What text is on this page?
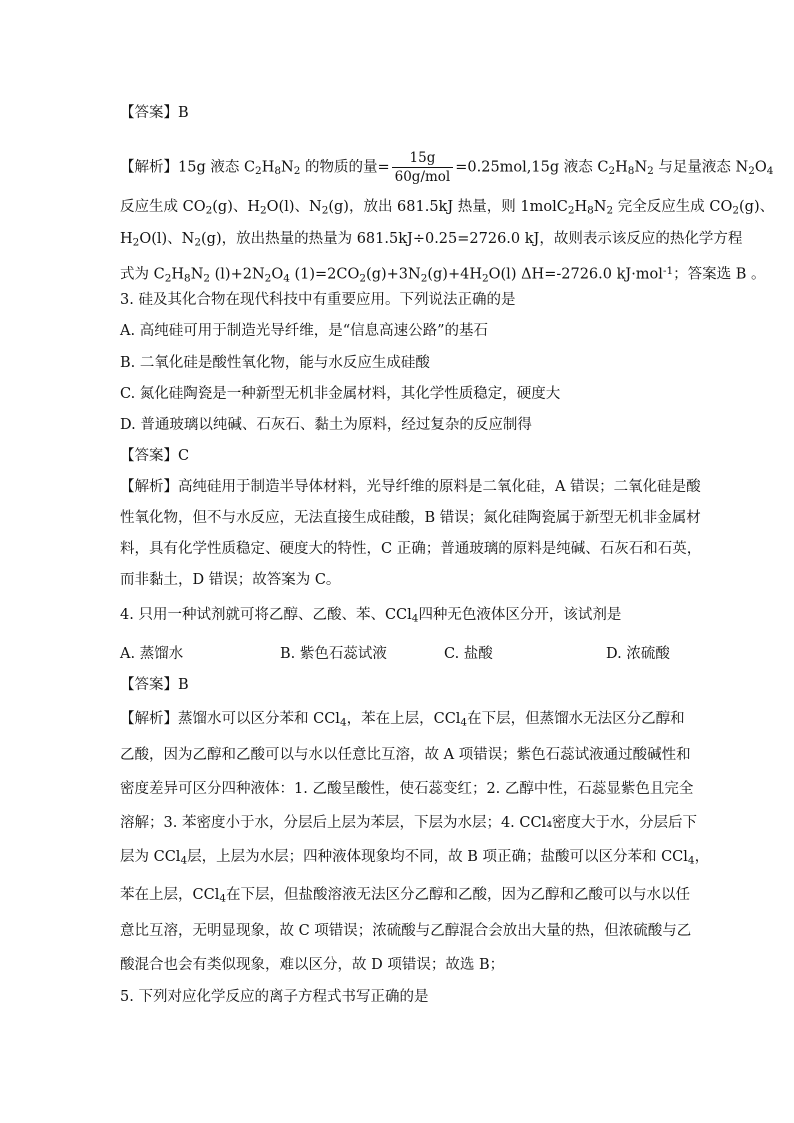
【答案】B
【解析】15g 液态 $C_2H_8N_2$ 的物质的量= $\frac{15g}{\text{60g/mol}} =0.25mol,15g$ 液态 $C_2H_8N_2$ 与足量液态 $N_2O_4$
反应生成 $CO_2(g)$、$H_2O(l)$、$N_2(g)$，放出 681.5kJ 热量，则 $1molC_2H_8N_2$ 完全反应生成 $CO_2(g)$、
$H_2O(l)$、$N_2(g)$，放出热量的热量为 681.5kJ÷0.25=2726.0 kJ，故则表示该反应的热化学方程
式为 $C_2H_8N_2$ $(l)+2N_2O_4$ $(1)=2CO_2(g)+3N_2(g)+4H_2O(l)$ ΔH=-2726.0 kJ·mol$^{-1}$；答案选 B 。
3. 硅及其化合物在现代科技中有重要应用。下列说法正确的是
A. 高纯硅可用于制造光导纤维，是“信息高速公路”的基石
B. 二氧化硅是酸性氧化物，能与水反应生成硅酸
C. 氮化硅陶瓷是一种新型无机非金属材料，其化学性质稳定，硬度大
D. 普通玻璃以纯碱、石灰石、黏土为原料，经过复杂的反应制得
【答案】C
【解析】高纯硅用于制造半导体材料，光导纤维的原料是二氧化硅，A 错误；二氧化硅是酸
性氧化物，但不与水反应，无法直接生成硅酸，B 错误；氮化硅陶瓷属于新型无机非金属材
料，具有化学性质稳定、硬度大的特性，C 正确；普通玻璃的原料是纯碱、石灰石和石英，
而非黏土，D 错误；故答案为 C。
4. 只用一种试剂就可将乙醇、乙酸、苯、CCl$_4$四种无色液体区分开，该试剂是
A. 蒸馏水	B. 紫色石蕊试液	C. 盐酸	D. 浓硫酸
【答案】B
【解析】蒸馏水可以区分苯和 CCl$_4$，苯在上层，CCl$_4$在下层，但蒸馏水无法区分乙醇和
乙酸，因为乙醇和乙酸可以与水以任意比互溶，故 A 项错误；紫色石蕊试液通过酸碱性和
密度差异可区分四种液体：1. 乙酸呈酸性，使石蕊变红；2. 乙醇中性，石蕊显紫色且完全
溶解；3. 苯密度小于水，分层后上层为苯层，下层为水层；4. CCl₄密度大于水，分层后下
层为 CCl$_4$层，上层为水层；四种液体现象均不同，故 B 项正确；盐酸可以区分苯和 CCl$_4$，
苯在上层，CCl$_4$在下层，但盐酸溶液无法区分乙醇和乙酸，因为乙醇和乙酸可以与水以任
意比互溶，无明显现象，故 C 项错误；浓硫酸与乙醇混合会放出大量的热，但浓硫酸与乙
酸混合也会有类似现象，难以区分，故 D 项错误；故选 B；
5. 下列对应化学反应的离子方程式书写正确的是
